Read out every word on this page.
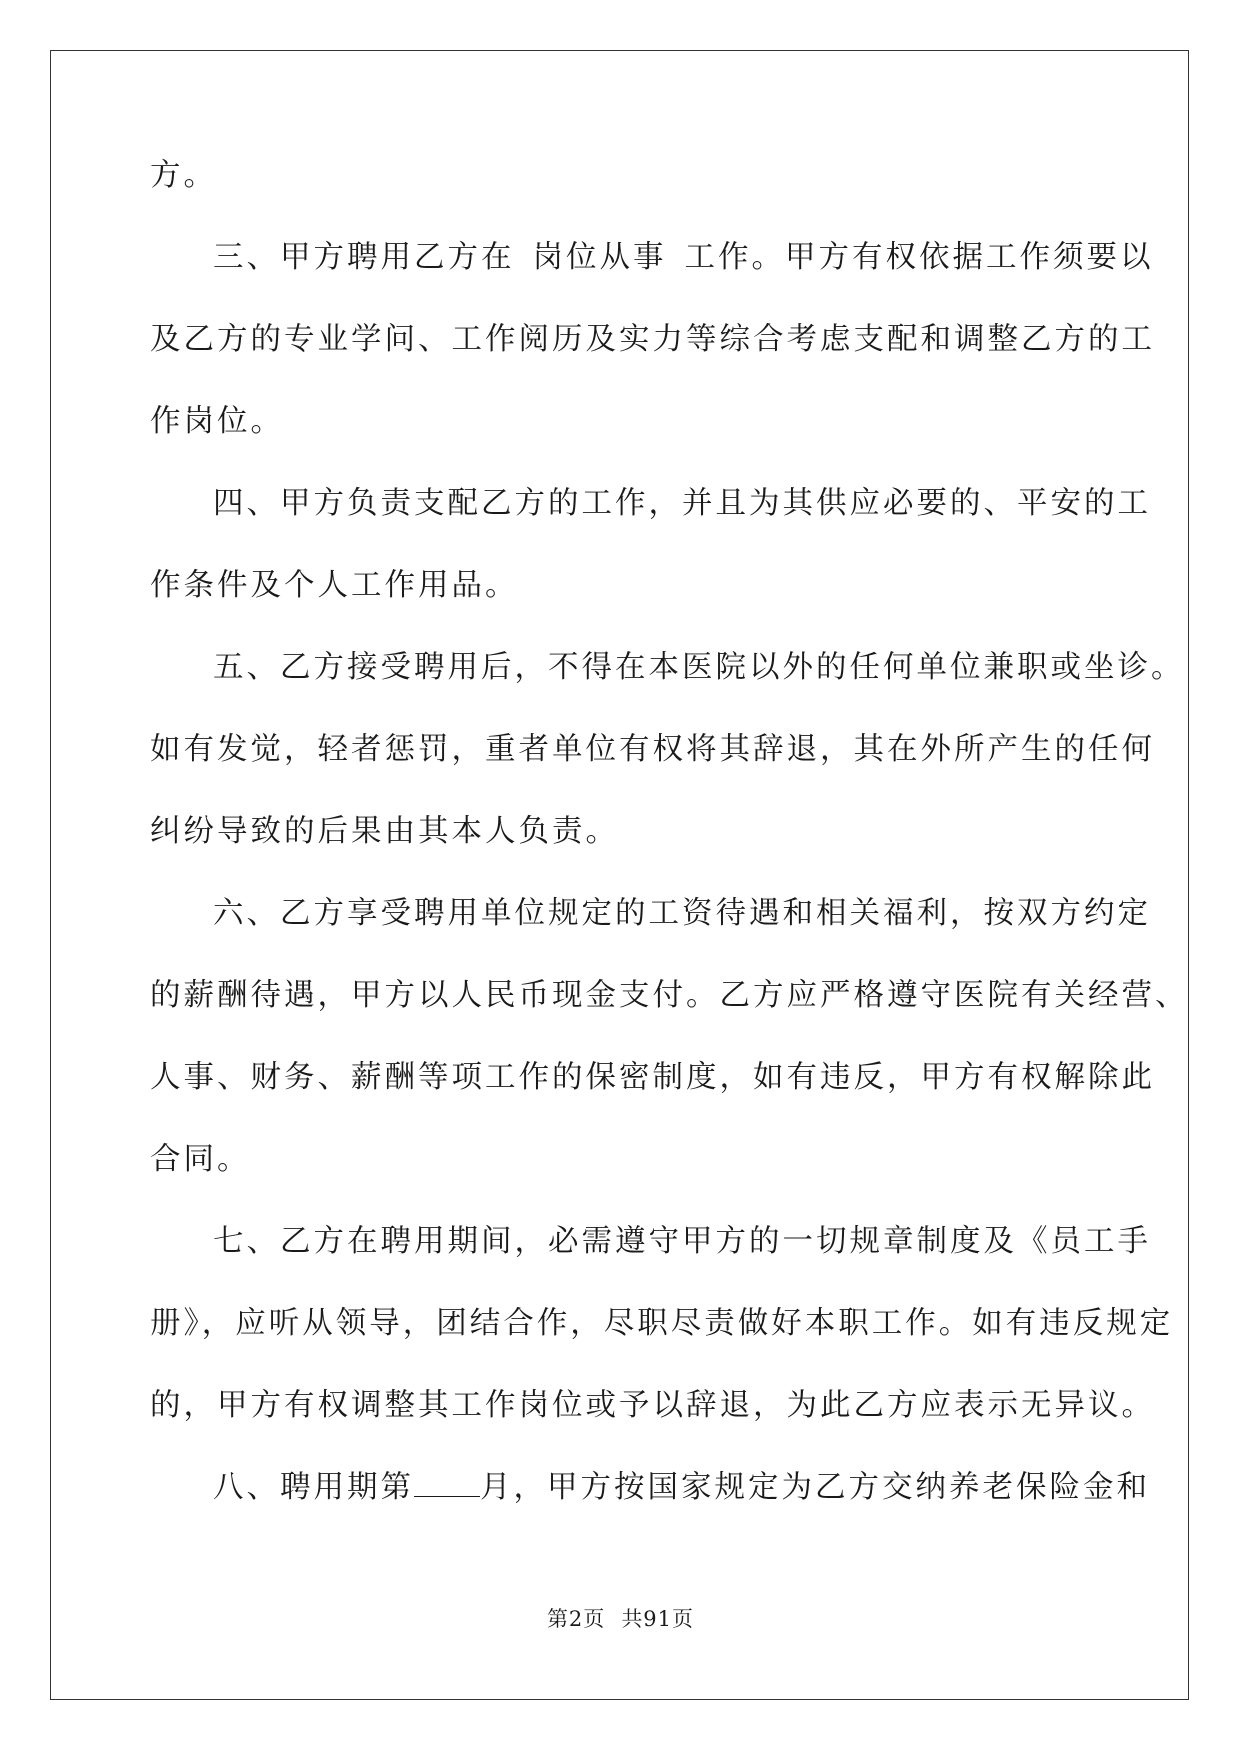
方。
三、甲方聘用乙方在 岗位从事 工作。甲方有权依据工作须要以
及乙方的专业学问、工作阅历及实力等综合考虑支配和调整乙方的工
作岗位。
四、甲方负责支配乙方的工作，并且为其供应必要的、平安的工
作条件及个人工作用品。
五、乙方接受聘用后，不得在本医院以外的任何单位兼职或坐诊。
如有发觉，轻者惩罚，重者单位有权将其辞退，其在外所产生的任何
纠纷导致的后果由其本人负责。
六、乙方享受聘用单位规定的工资待遇和相关福利，按双方约定
的薪酬待遇，甲方以人民币现金支付。乙方应严格遵守医院有关经营、
人事、财务、薪酬等项工作的保密制度，如有违反，甲方有权解除此
合同。
七、乙方在聘用期间，必需遵守甲方的一切规章制度及《员工手
册》，应听从领导，团结合作，尽职尽责做好本职工作。如有违反规定
的，甲方有权调整其工作岗位或予以辞退，为此乙方应表示无异议。
八、聘用期第 月，甲方按国家规定为乙方交纳养老保险金和
第2页 共91页
